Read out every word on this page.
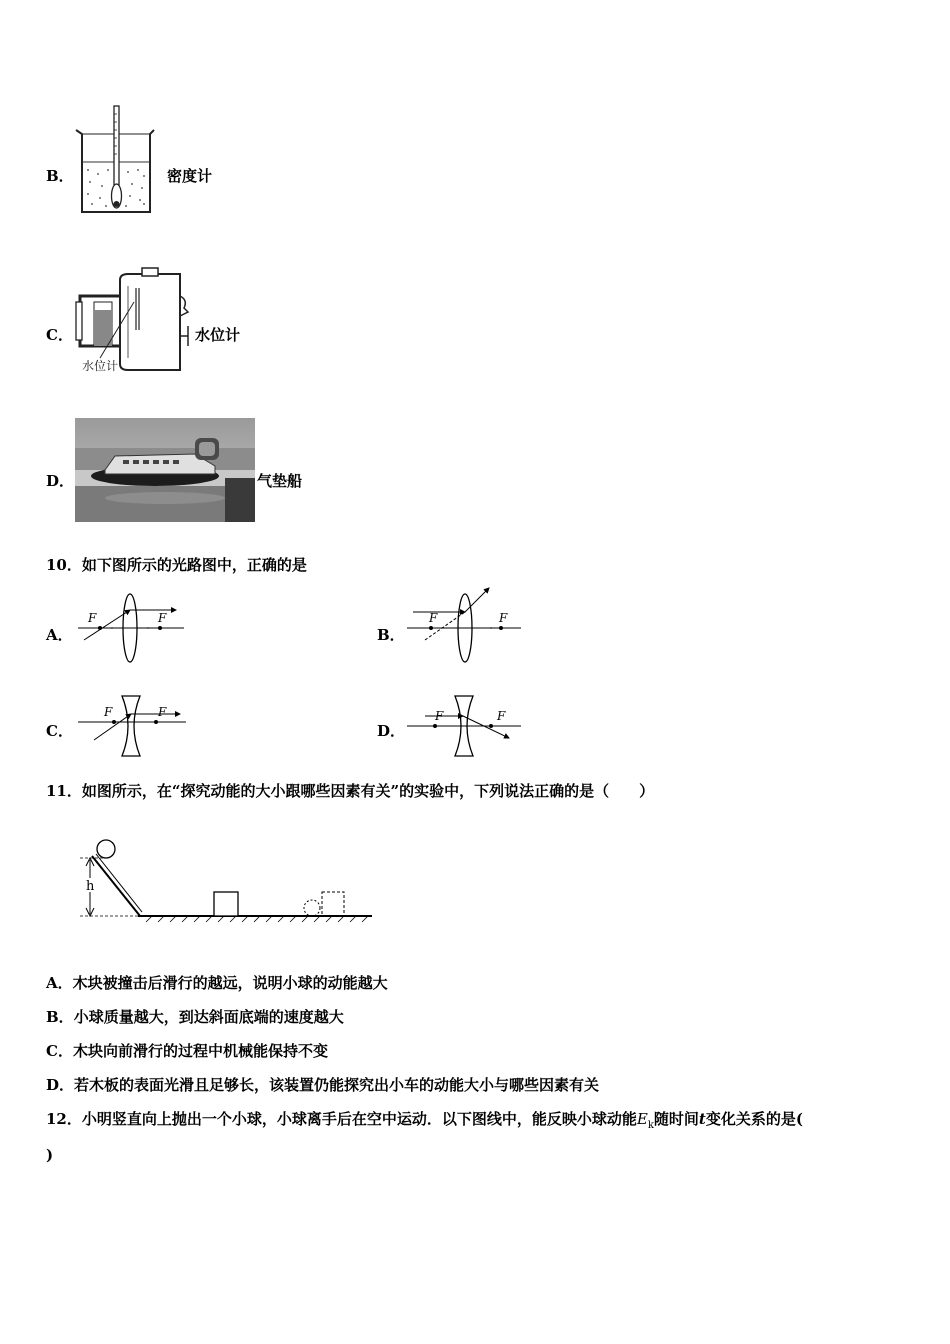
B．	密度计
C．
水位计
水位计
D．	气垫船
10．如下图所示的光路图中，正确的是
A．
F	F
B．
F	F
C．
F	F
D．
F	F
11．如图所示，在“探究动能的大小跟哪些因素有关”的实验中，下列说法正确的是（　　）
h
A．木块被撞击后滑行的越远，说明小球的动能越大
B．小球质量越大，到达斜面底端的速度越大
C．木块向前滑行的过程中机械能保持不变
D．若木板的表面光滑且足够长，该装置仍能探究出小车的动能大小与哪些因素有关
12．小明竖直向上抛出一个小球，小球离手后在空中运动．以下图线中，能反映小球动能$E_k$随时间t变化关系的是(
)
